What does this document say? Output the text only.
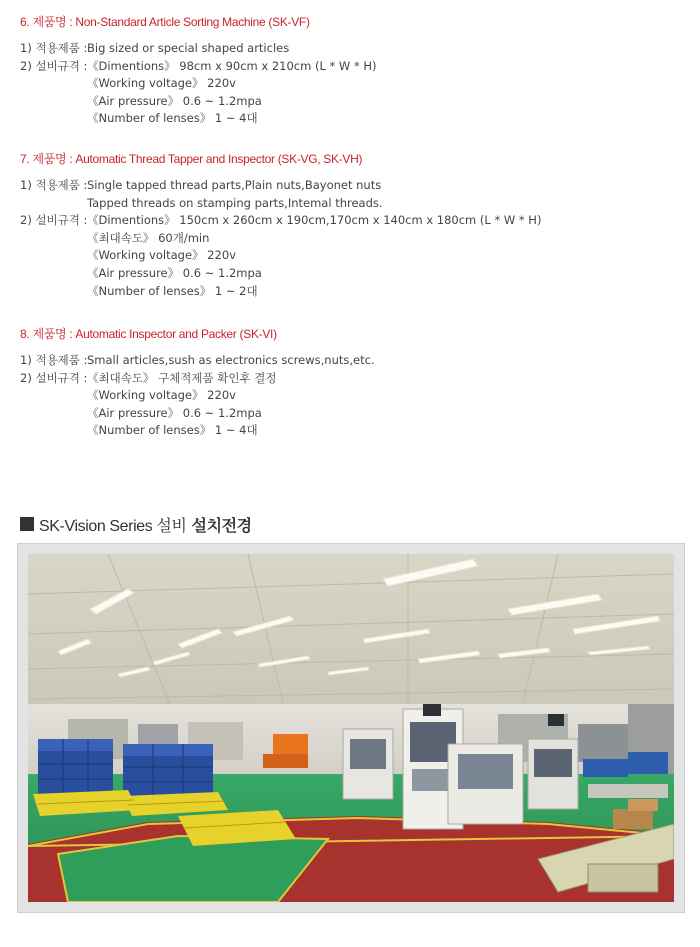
6. 제품명 : Non-Standard Article Sorting Machine (SK-VF)
1) 적용제품 : Big sized or special shaped articles
2) 설비규격 : 《Dimentions》 98cm x 90cm x 210cm (L * W * H)
《Working voltage》 220v
《Air pressure》 0.6 ~ 1.2mpa
《Number of lenses》 1 ~ 4대
7. 제품명 : Automatic Thread Tapper and Inspector (SK-VG, SK-VH)
1) 적용제품 : Single tapped thread parts,Plain nuts,Bayonet nuts
Tapped threads on stamping parts,Intemal threads.
2) 설비규격 : 《Dimentions》 150cm x 260cm x 190cm,170cm x 140cm x 180cm (L * W * H)
《최대속도》 60개/min
《Working voltage》 220v
《Air pressure》 0.6 ~ 1.2mpa
《Number of lenses》 1 ~ 2대
8. 제품명 : Automatic Inspector and Packer (SK-VI)
1) 적용제품 : Small articles,sush as electronics screws,nuts,etc.
2) 설비규격 : 《최대속도》 구체적제품 확인후 결정
《Working voltage》 220v
《Air pressure》 0.6 ~ 1.2mpa
《Number of lenses》 1 ~ 4대
SK-Vision Series 설비 설치전경
